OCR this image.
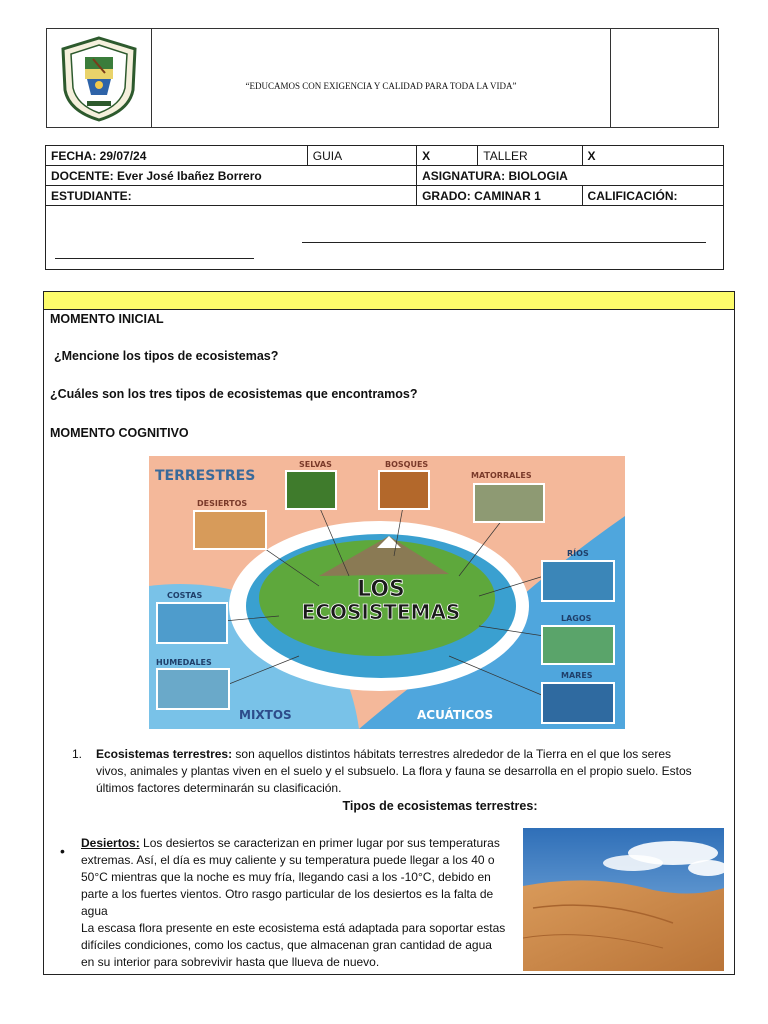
“EDUCAMOS CON EXIGENCIA Y CALIDAD PARA TODA LA VIDA”
FECHA: 29/07/24	GUIA	X	TALLER	X
DOCENTE: Ever José Ibañez Borrero		ASIGNATURA: BIOLOGIA		
ESTUDIANTE:		GRADO: CAMINAR 1		CALIFICACIÓN:
MOMENTO INICIAL
¿Mencione los tipos de ecosistemas?
¿Cuáles son los tres tipos de ecosistemas que encontramos?
MOMENTO COGNITIVO
TERRESTRES
SELVAS	BOSQUES
MATORRALES
DESIERTOS
RÍOS
COSTAS
LAGOS
HUMEDALES
MARES
MIXTOS	ACUÁTICOS
LOS
ECOSISTEMAS
1. Ecosistemas terrestres: son aquellos distintos hábitats terrestres alrededor de la Tierra en el que los seres
vivos, animales y plantas viven en el suelo y el subsuelo. La flora y fauna se desarrolla en el propio suelo. Estos
últimos factores determinarán su clasificación.
Tipos de ecosistemas terrestres:
• Desiertos: Los desiertos se caracterizan en primer lugar por sus temperaturas
extremas. Así, el día es muy caliente y su temperatura puede llegar a los 40 o
50°C mientras que la noche es muy fría, llegando casi a los -10°C, debido en
parte a los fuertes vientos. Otro rasgo particular de los desiertos es la falta de
agua
La escasa flora presente en este ecosistema está adaptada para soportar estas
difíciles condiciones, como los cactus, que almacenan gran cantidad de agua
en su interior para sobrevivir hasta que llueva de nuevo.
